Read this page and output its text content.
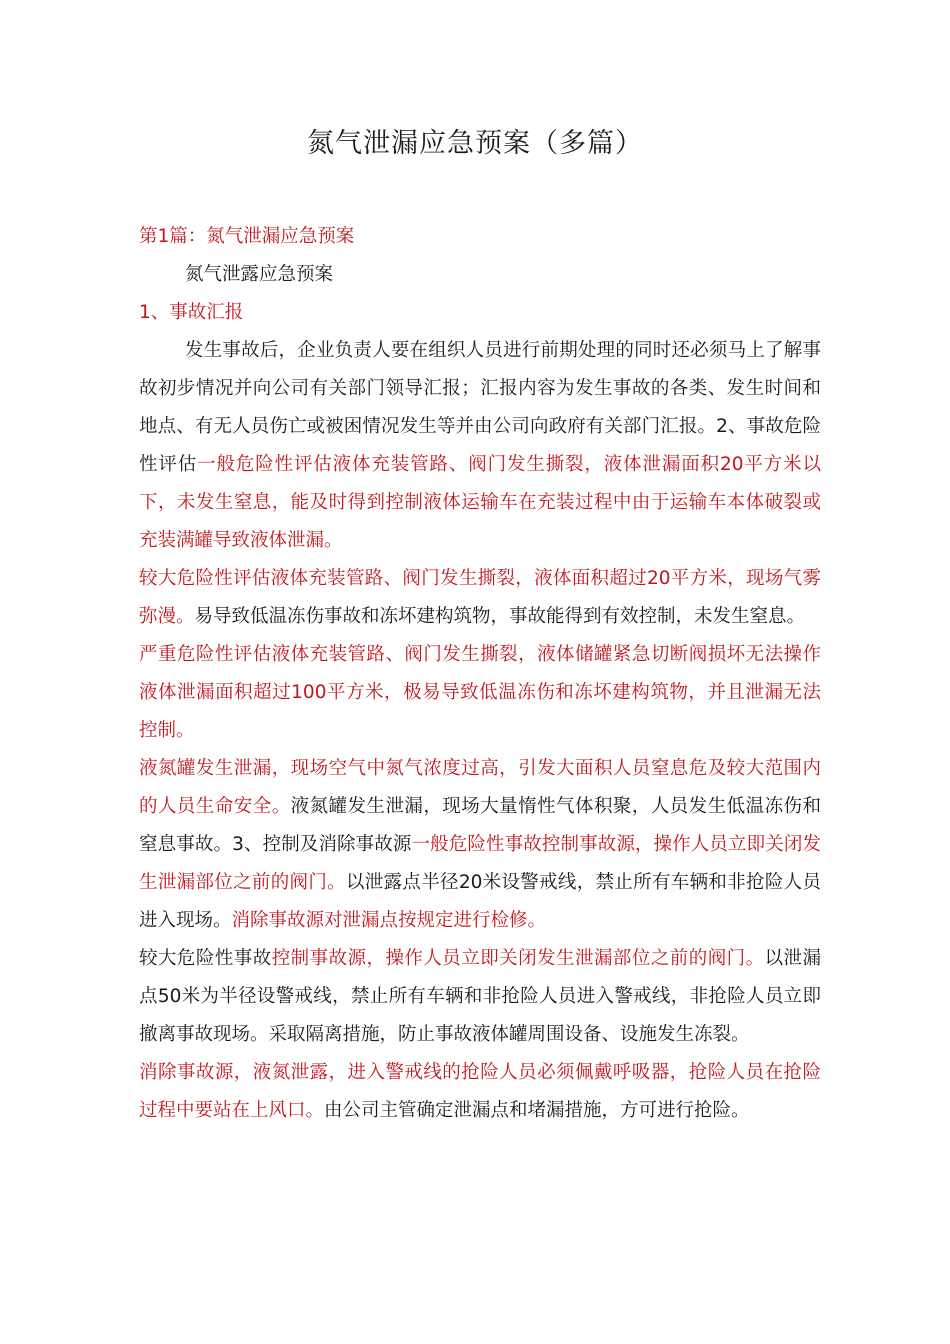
氮气泄漏应急预案（多篇）

第1篇：氮气泄漏应急预案

氮气泄露应急预案

1、事故汇报

发生事故后，企业负责人要在组织人员进行前期处理的同时还必须马上了解事故初步情况并向公司有关部门领导汇报；汇报内容为发生事故的各类、发生时间和地点、有无人员伤亡或被困情况发生等并由公司向政府有关部门汇报。2、事故危险性评估一般危险性评估液体充装管路、阀门发生撕裂，液体泄漏面积20平方米以下，未发生窒息，能及时得到控制液体运输车在充装过程中由于运输车本体破裂或充装满罐导致液体泄漏。

较大危险性评估液体充装管路、阀门发生撕裂，液体面积超过20平方米，现场气雾弥漫。易导致低温冻伤事故和冻坏建构筑物，事故能得到有效控制，未发生窒息。

严重危险性评估液体充装管路、阀门发生撕裂，液体储罐紧急切断阀损坏无法操作液体泄漏面积超过100平方米，极易导致低温冻伤和冻坏建构筑物，并且泄漏无法控制。

液氮罐发生泄漏，现场空气中氮气浓度过高，引发大面积人员窒息危及较大范围内的人员生命安全。液氮罐发生泄漏，现场大量惰性气体积聚，人员发生低温冻伤和窒息事故。3、控制及消除事故源一般危险性事故控制事故源，操作人员立即关闭发生泄漏部位之前的阀门。以泄露点半径20米设警戒线，禁止所有车辆和非抢险人员进入现场。消除事故源对泄漏点按规定进行检修。

较大危险性事故控制事故源，操作人员立即关闭发生泄漏部位之前的阀门。以泄漏点50米为半径设警戒线，禁止所有车辆和非抢险人员进入警戒线，非抢险人员立即撤离事故现场。采取隔离措施，防止事故液体罐周围设备、设施发生冻裂。

消除事故源，液氮泄露，进入警戒线的抢险人员必须佩戴呼吸器，抢险人员在抢险过程中要站在上风口。由公司主管确定泄漏点和堵漏措施，方可进行抢险。
